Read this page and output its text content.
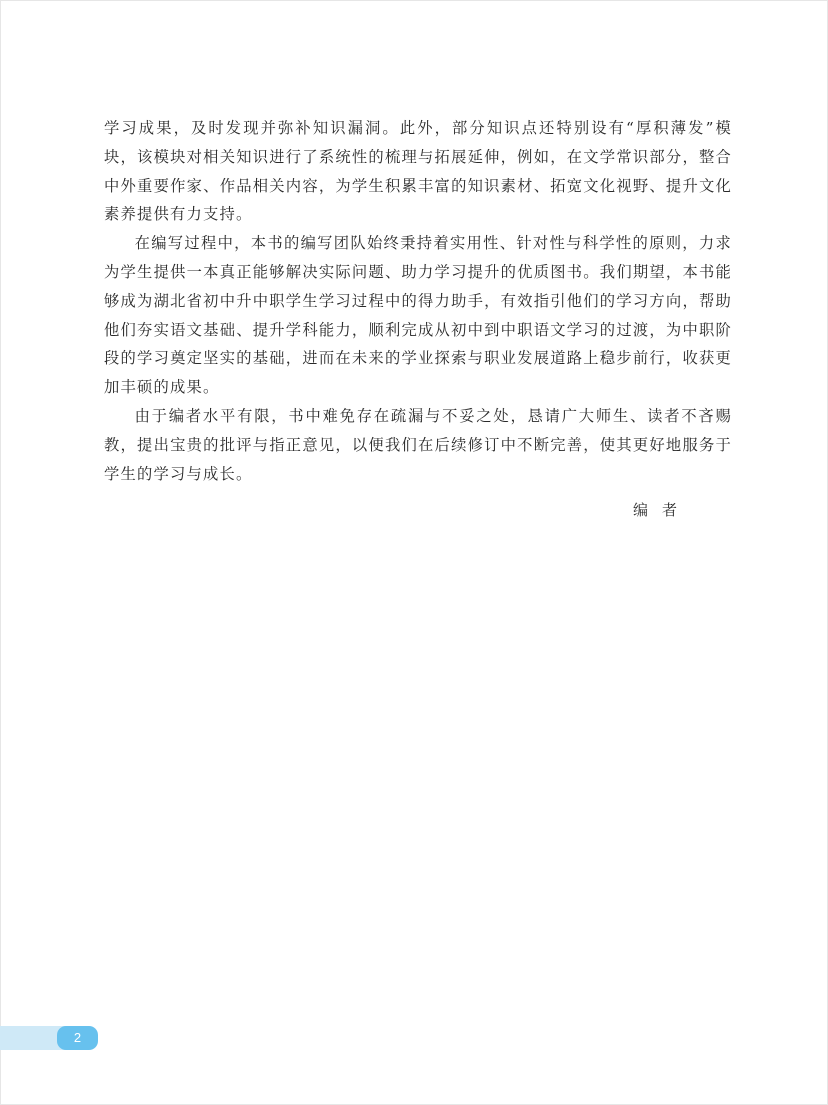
学习成果，及时发现并弥补知识漏洞。此外，部分知识点还特别设有“厚积薄发”模块，该模块对相关知识进行了系统性的梳理与拓展延伸，例如，在文学常识部分，整合中外重要作家、作品相关内容，为学生积累丰富的知识素材、拓宽文化视野、提升文化素养提供有力支持。

在编写过程中，本书的编写团队始终秉持着实用性、针对性与科学性的原则，力求为学生提供一本真正能够解决实际问题、助力学习提升的优质图书。我们期望，本书能够成为湖北省初中升中职学生学习过程中的得力助手，有效指引他们的学习方向，帮助他们夯实语文基础、提升学科能力，顺利完成从初中到中职语文学习的过渡，为中职阶段的学习奠定坚实的基础，进而在未来的学业探索与职业发展道路上稳步前行，收获更加丰硕的成果。

由于编者水平有限，书中难免存在疏漏与不妥之处，恳请广大师生、读者不吝赐教，提出宝贵的批评与指正意见，以便我们在后续修订中不断完善，使其更好地服务于学生的学习与成长。

编者
2
